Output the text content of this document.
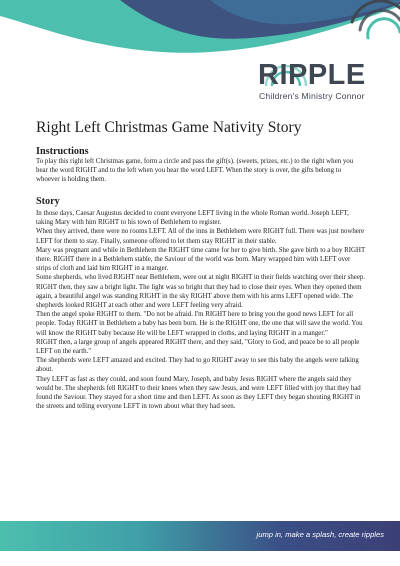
RIPPLE
Children's Ministry Connor
Right Left Christmas Game Nativity Story
Instructions

To play this right left Christmas game, form a circle and pass the gift(s). (sweets, prizes, etc.) to the right when you hear the word RIGHT and to the left when you hear the word LEFT. When the story is over, the gifts belong to whoever is holding them.

Story

In those days, Caesar Augustus decided to count everyone LEFT living in the whole Roman world. Joseph LEFT, taking Mary with him RIGHT to his town of Bethlehem to register.

When they arrived, there were no rooms LEFT. All of the inns in Bethlehem were RIGHT full. There was just nowhere LEFT for them to stay. Finally, someone offered to let them stay RIGHT in their stable.

Mary was pregnant and while in Bethlehem the RIGHT time came for her to give birth. She gave birth to a boy RIGHT there. RIGHT there in a Bethlehem stable, the Saviour of the world was born. Mary wrapped him with LEFT over strips of cloth and laid him RIGHT in a manger.

Some shepherds, who lived RIGHT near Bethlehem, were out at night RIGHT in their fields watching over their sheep. RIGHT then, they saw a bright light. The light was so bright that they had to close their eyes. When they opened them again, a beautiful angel was standing RIGHT in the sky RIGHT above them with his arms LEFT opened wide. The shepherds looked RIGHT at each other and were LEFT feeling very afraid.

Then the angel spoke RIGHT to them. "Do not be afraid. I'm RIGHT here to bring you the good news LEFT for all people. Today RIGHT in Bethlehem a baby has been born. He is the RIGHT one, the one that will save the world. You will know the RIGHT baby because He will be LEFT wrapped in cloths, and laying RIGHT in a manger."

RIGHT then, a large group of angels appeared RIGHT there, and they said, "Glory to God, and peace be to all people LEFT on the earth."

The shepherds were LEFT amazed and excited. They had to go RIGHT away to see this baby the angels were talking about.

They LEFT as fast as they could, and soon found Mary, Joseph, and baby Jesus RIGHT where the angels said they would be. The shepherds fell RIGHT to their knees when they saw Jesus, and were LEFT filled with joy that they had found the Saviour. They stayed for a short time and then LEFT. As soon as they LEFT they began shouting RIGHT in the streets and telling everyone LEFT in town about what they had seen.

jump in, make a splash, create ripples
